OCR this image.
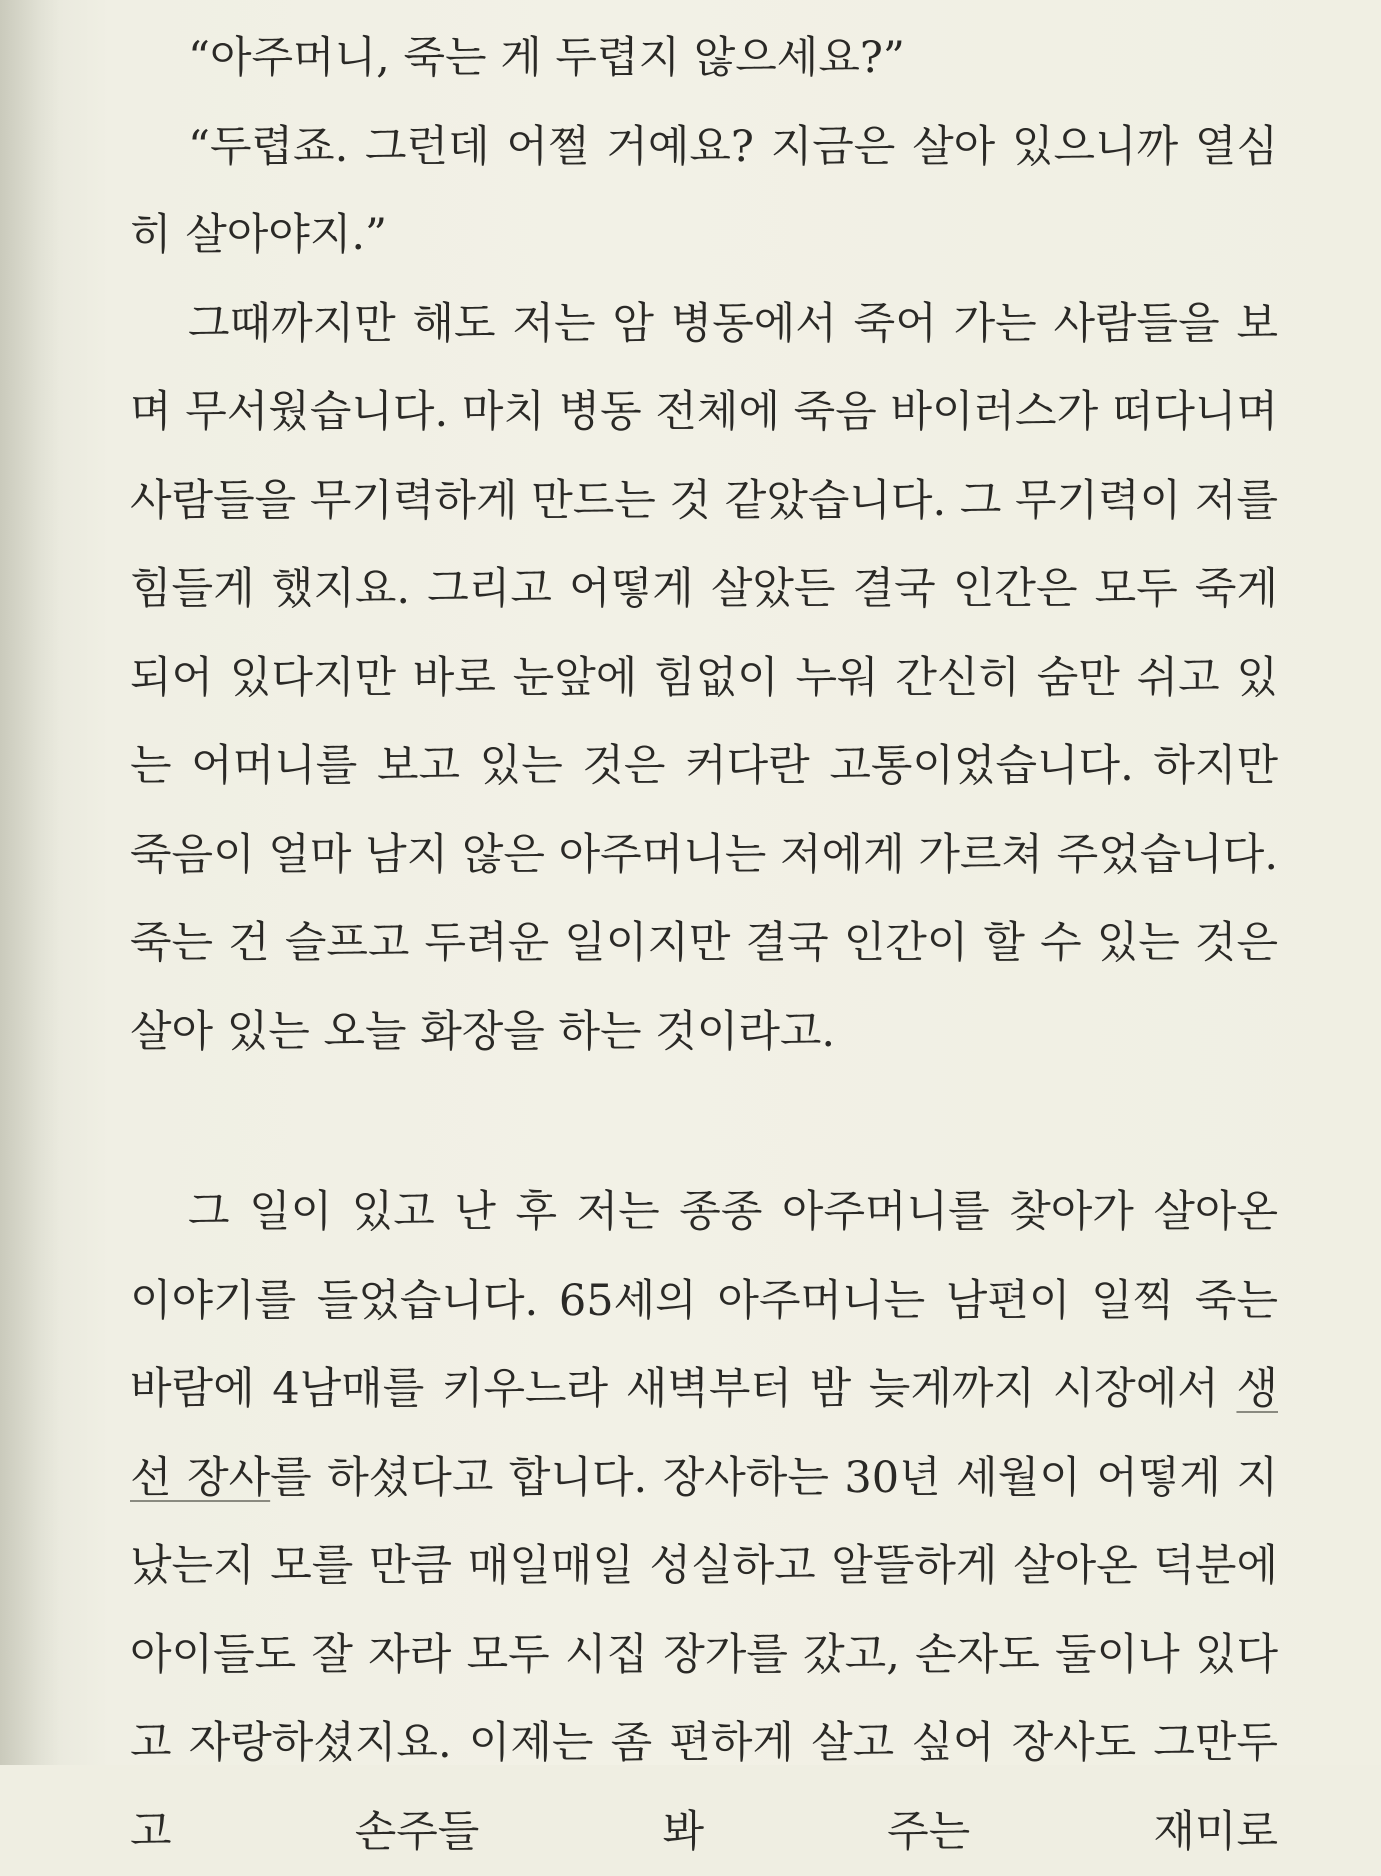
“아주머니, 죽는 게 두렵지 않으세요?”

“두렵죠. 그런데 어쩔 거예요? 지금은 살아 있으니까 열심히 살아야지.”

그때까지만 해도 저는 암 병동에서 죽어 가는 사람들을 보며 무서웠습니다. 마치 병동 전체에 죽음 바이러스가 떠다니며 사람들을 무기력하게 만드는 것 같았습니다. 그 무기력이 저를 힘들게 했지요. 그리고 어떻게 살았든 결국 인간은 모두 죽게 되어 있다지만 바로 눈앞에 힘없이 누워 간신히 숨만 쉬고 있는 어머니를 보고 있는 것은 커다란 고통이었습니다. 하지만 죽음이 얼마 남지 않은 아주머니는 저에게 가르쳐 주었습니다. 죽는 건 슬프고 두려운 일이지만 결국 인간이 할 수 있는 것은 살아 있는 오늘 화장을 하는 것이라고.

그 일이 있고 난 후 저는 종종 아주머니를 찾아가 살아온 이야기를 들었습니다. 65세의 아주머니는 남편이 일찍 죽는 바람에 4남매를 키우느라 새벽부터 밤 늦게까지 시장에서 생선 장사를 하셨다고 합니다. 장사하는 30년 세월이 어떻게 지났는지 모를 만큼 매일매일 성실하고 알뜰하게 살아온 덕분에 아이들도 잘 자라 모두 시집 장가를 갔고, 손자도 둘이나 있다고 자랑하셨지요. 이제는 좀 편하게 살고 싶어 장사도 그만두고 손주들 봐 주는 재미로
